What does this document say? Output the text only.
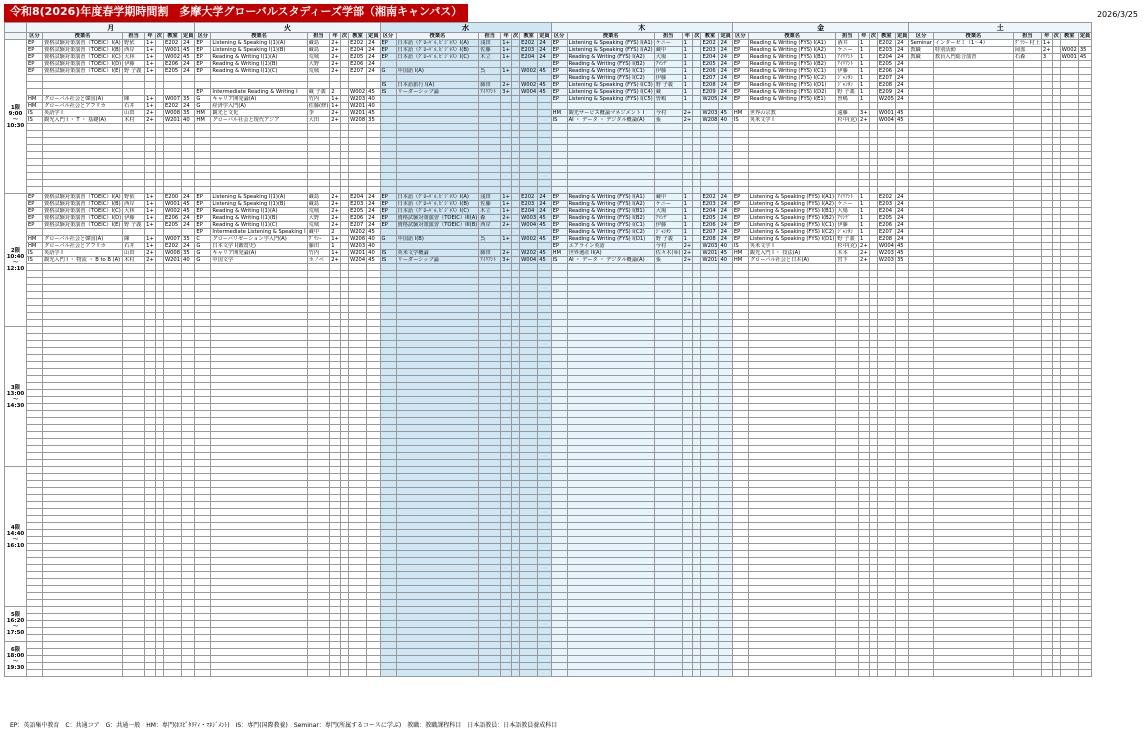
令和8(2026)年度春学期時間割　多摩大学グローバルスタディーズ学部（湘南キャンパス）	2026/3/25
	月							火							水							木							金							土						
	区分	授業名	担当	年	次	教室	定員	区分	授業名	担当	年	次	教室	定員	区分	授業名	担当	年	次	教室	定員	区分	授業名	担当	年	次	教室	定員	区分	授業名	担当	年	次	教室	定員	区分	授業名	担当	年	次	教室	定員
1限
9:00
〜
10:30	EP	資格試験対策演習（TOEIC）I(A)	野依	1+		E202	24	EP	Listening & Speaking I(1)(A)	蔵島	2+		E202	24	EP	日本語（ｸﾞﾛｰﾊﾞﾙ､ﾋﾞｼﾞﾈｽ）I(A)	浅田	1+		E202	24	EP	Listening & Speaking (FYS) I(A1)	ケニー	1		E202	24	EP	Reading & Writing (FYS) I(A1)	酒井	1		E202	24	Seminar	インターゼミ（1〜4）	ｸﾞﾗﾝｰ 村上	1+			
	EP	資格試験対策演習（TOEIC）I(B)	西岸	1+		W001	45	EP	Listening & Speaking I(1)(B)	蔵島	2+		E204	24	EP	日本語（ｸﾞﾛｰﾊﾞﾙ､ﾋﾞｼﾞﾈｽ）I(B)	佐藤	1+		E203	24	EP	Listening & Speaking (FYS) I(A2)	蔵中	1		E203	24	EP	Reading & Writing (FYS) I(A2)	ケニー	1		E203	24	教職	特別活動	岡部	2+		W002	35
	EP	資格試験対策演習（TOEIC）I(C)	大林	1+		W002	45	EP	Reading & Writing I(1)(A)	荒城	2+		E205	24	EP	日本語（ｸﾞﾛｰﾊﾞﾙ､ﾋﾞｼﾞﾈｽ）I(C)	木立	1+		E204	24	EP	Reading & Writing (FYS) I(A2)	大場	1		E204	24	EP	Reading & Writing (FYS) I(B1)	ｱｲﾘｱﾝﾄ	1		E204	24	教職	教員入門総合演習	石森	3		W001	45
	EP	資格試験対策演習（TOEIC）I(D)	伊藤	1+		E206	24	EP	Reading & Writing I(1)(B)	大野	2+		E206	24								EP	Reading & Writing (FYS) I(B2)	ｱﾏﾝﾃﾞ	1		E205	24	EP	Reading & Writing (FYS) I(B2)	ｱｲﾘｱﾝﾄ	1		E205	24							
	EP	資格試験対策演習（TOEIC）I(E)	野 子義	1+		E205	24	EP	Reading & Writing I(1)(C)	荒城	2+		E207	24	G	中国語 I(A)	呉	1+		W002	45	EP	Reading & Writing (FYS) I(C1)	伊藤	1		E206	24	EP	Reading & Writing (FYS) I(C1)	伊藤	1		E206	24							
																						EP	Reading & Writing (FYS) I(C2)	伊藤	1		E207	24	EP	Reading & Writing (FYS) I(C2)	ｼﾞｬﾝﾀﾝ	1		E207	24							
															IS	日本語旅行 I(A)	藤田	2+		W002	45	EP	Listening & Speaking (FYS) I(C3)	野 子義	1		E208	24	EP	Reading & Writing (FYS) I(D1)	ｼﾞｬﾝﾀﾝ	1		E208	24							
								EP	Intermediate Reading & Writing I	蔵 子義	2		W002	45	IS	リーダーシップ論	ｱｲﾘｱﾝﾄ	3+		W004	45	EP	Listening & Speaking (FYS) I(C4)	蔵	1		E209	24	EP	Reading & Writing (FYS) I(D2)	野 子義	1		E209	24							
	HM	グローバル社会と韓国(A)	陳	1+		W007	35	G	キャリア開発論(A)	竹内	1+		W203	40								EP	Listening & Speaking (FYS) I(C5)	曽嶋	1		W205	24	EP	Reading & Writing (FYS) I(E1)	曽嶋	1		W205	24							
	HM	グローバル社会とアフリカ	石井	1+		E202	24	G	経済学入門(A)	佐藤(修)	1+		W201	40																												
	IS	英語学 I	山田	2+		W008	35	HM	観光と文化	李	2+		W201	45								HM	観光サービス概論マネジメント I	今村	2+		W203	45	HM	世界の宗教	遠藤	3+		W001	45							
	IS	観光入門 I ・ T ・ 基礎(A)	木村	2+		W201	40	HM	グローバル社会と現代アジア	大田	2+		W208	35								IS	AI ・ データ ・ デジタル概論(A)	張	2+		W208	40	IS	英米文学 I	杉中(克)	2+		W004	45							

2限
10:40
〜
12:10	EP	資格試験対策演習（TOEIC）I(A)	野依	1+		E200	24	EP	Listening & Speaking I(1)(A)	蔵島	2+		E204	24	EP	日本語（ｸﾞﾛｰﾊﾞﾙ､ﾋﾞｼﾞﾈｽ）I(A)	浅田	1+		E202	24	EP	Reading & Writing (FYS) I(A1)	蔵中	1		E202	24	EP	Listening & Speaking (FYS) I(A1)	ｱｲﾘｱﾝﾄ	1		E202	24							
	EP	資格試験対策演習（TOEIC）I(B)	西岸	1+		W001	45	EP	Listening & Speaking I(1)(B)	蔵島	2+		E203	24	EP	日本語（ｸﾞﾛｰﾊﾞﾙ､ﾋﾞｼﾞﾈｽ）I(B)	佐藤	1+		E203	24	EP	Reading & Writing (FYS) I(A2)	ケニー	1		E203	24	EP	Listening & Speaking (FYS) I(A2)	ケニー	1		E203	24							
	EP	資格試験対策演習（TOEIC）I(C)	大林	1+		W002	45	EP	Reading & Writing I(1)(A)	荒城	2+		E205	24	EP	日本語（ｸﾞﾛｰﾊﾞﾙ､ﾋﾞｼﾞﾈｽ）I(C)	木立	1+		E204	24	EP	Reading & Writing (FYS) I(B1)	大場	1		E204	24	EP	Listening & Speaking (FYS) I(B1)	大場	1		E204	24							
	EP	資格試験対策演習（TOEIC）I(D)	伊藤	1+		E206	24	EP	Reading & Writing I(1)(B)	大野	2+		E206	24	EP	資格試験対策演習（TOEIC）III(A)	森	2+		W003	45	EP	Reading & Writing (FYS) I(B2)	ｱﾏﾝﾃﾞ	1		E205	24	EP	Listening & Speaking (FYS) I(B2)	ｱﾏﾝﾃﾞ	1		E205	24							
	EP	資格試験対策演習（TOEIC）I(E)	野 子義	1+		E205	24	EP	Reading & Writing I(1)(C)	荒城	2+		E207	24	EP	資格試験対策演習（TOEIC）III(B)	西岸	2+		W004	45	EP	Reading & Writing (FYS) I(C1)	伊藤	1		E206	24	EP	Listening & Speaking (FYS) I(C1)	伊藤	1		E206	24							
								EP	Intermediate Listening & Speaking I	蔵中	2		W202	45								EP	Reading & Writing (FYS) I(C2)	ｼﾞｬﾝﾀﾝ	1		E207	24	EP	Listening & Speaking (FYS) I(C2)	ｼﾞｬﾝﾀﾝ	1		E207	24							
	HM	グローバル社会と韓国(A)	陳	1+		W007	35	C	グローバリゼーション学入門(A)	ｸﾞﾗﾝｰ	1+		W206	40	G	中国語 I(B)	呉	1+		W002	45	EP	Reading & Writing (FYS) I(D1)	野 子義	1		E208	24	EP	Listening & Speaking (FYS) I(D1)	野 子義	1		E208	24							
	HM	グローバル社会とアフリカ	石井	1+		E202	24	G	日本文学 I(鑑賞史)	藤田	1		W203	40								EP	エアライン英語	今村	2+		W203	40	IS	英米文学 I	杉中(克)	2+		W004	45							
	IS	英語学 I	山田	2+		W008	35	G	キャリア開発論(A)	竹内	1+		W201	40	IS	英米文学概論	藤田	2+		W202	45	HM	世界遺産 II(A)	佐々木(ゆ)	2+		W201	45	HM	観光入門 I ・ 技法(A)	木本	2+		W203	45							
	IS	観光入門 I ・ 物流 ・ B to B (A)	木村	2+		W201	40	G	中国文学	ホノベ	2+		W204	45	IS	リーダーシップ論	ｱｲﾘｱﾝﾄ	3+		W004	45	IS	AI ・ データ ・ デジタル概論(A)	張	2+		W201	40	HM	グローバル社会と日本(A)	宮下	2+		W203	35							

3限
13:00
〜
14:30																																										

4限
14:40
〜
16:10																																										

5限
16:20
〜
17:50																																										

6限
18:00
〜
19:30																																										

EP：英語集中教育　C：共通コア　G：共通一般　HM：専門(ﾎｽﾋﾟﾀﾘﾃｨ・ﾏﾈｼﾞﾒﾝﾄ)　IS：専門(国際教養)　Seminar：専門(所属するコースに学ぶ)　教職：教職課程科目　日本語教員：日本語教員養成科目
